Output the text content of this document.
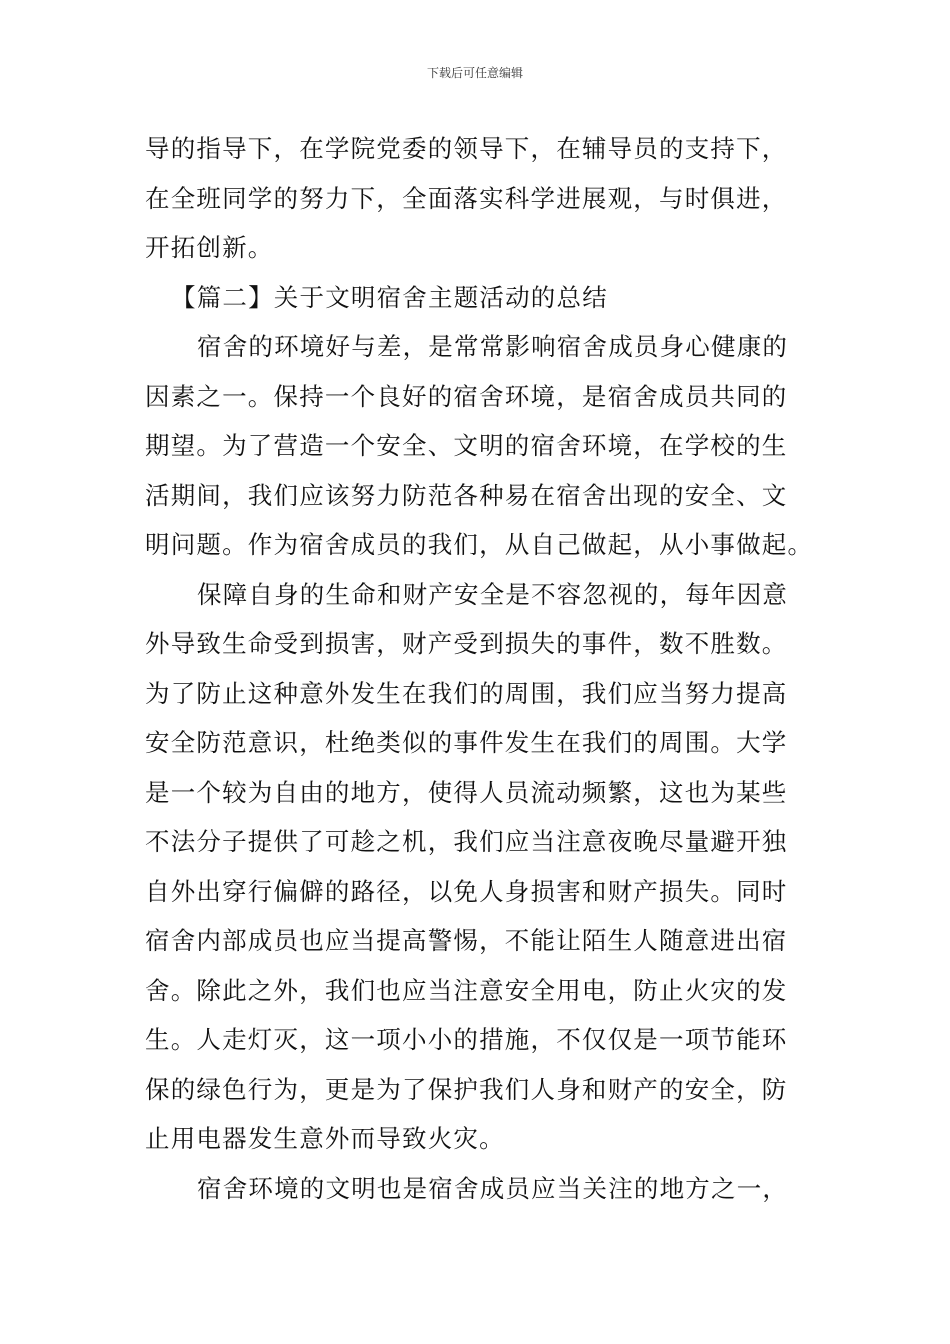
下载后可任意编辑
导的指导下，在学院党委的领导下，在辅导员的支持下，
在全班同学的努力下，全面落实科学进展观，与时俱进，
开拓创新。
【篇二】关于文明宿舍主题活动的总结
宿舍的环境好与差，是常常影响宿舍成员身心健康的
因素之一。保持一个良好的宿舍环境，是宿舍成员共同的
期望。为了营造一个安全、文明的宿舍环境，在学校的生
活期间，我们应该努力防范各种易在宿舍出现的安全、文
明问题。作为宿舍成员的我们，从自己做起，从小事做起。
保障自身的生命和财产安全是不容忽视的，每年因意
外导致生命受到损害，财产受到损失的事件，数不胜数。
为了防止这种意外发生在我们的周围，我们应当努力提高
安全防范意识，杜绝类似的事件发生在我们的周围。大学
是一个较为自由的地方，使得人员流动频繁，这也为某些
不法分子提供了可趁之机，我们应当注意夜晚尽量避开独
自外出穿行偏僻的路径，以免人身损害和财产损失。同时
宿舍内部成员也应当提高警惕，不能让陌生人随意进出宿
舍。除此之外，我们也应当注意安全用电，防止火灾的发
生。人走灯灭，这一项小小的措施，不仅仅是一项节能环
保的绿色行为，更是为了保护我们人身和财产的安全，防
止用电器发生意外而导致火灾。
宿舍环境的文明也是宿舍成员应当关注的地方之一，
